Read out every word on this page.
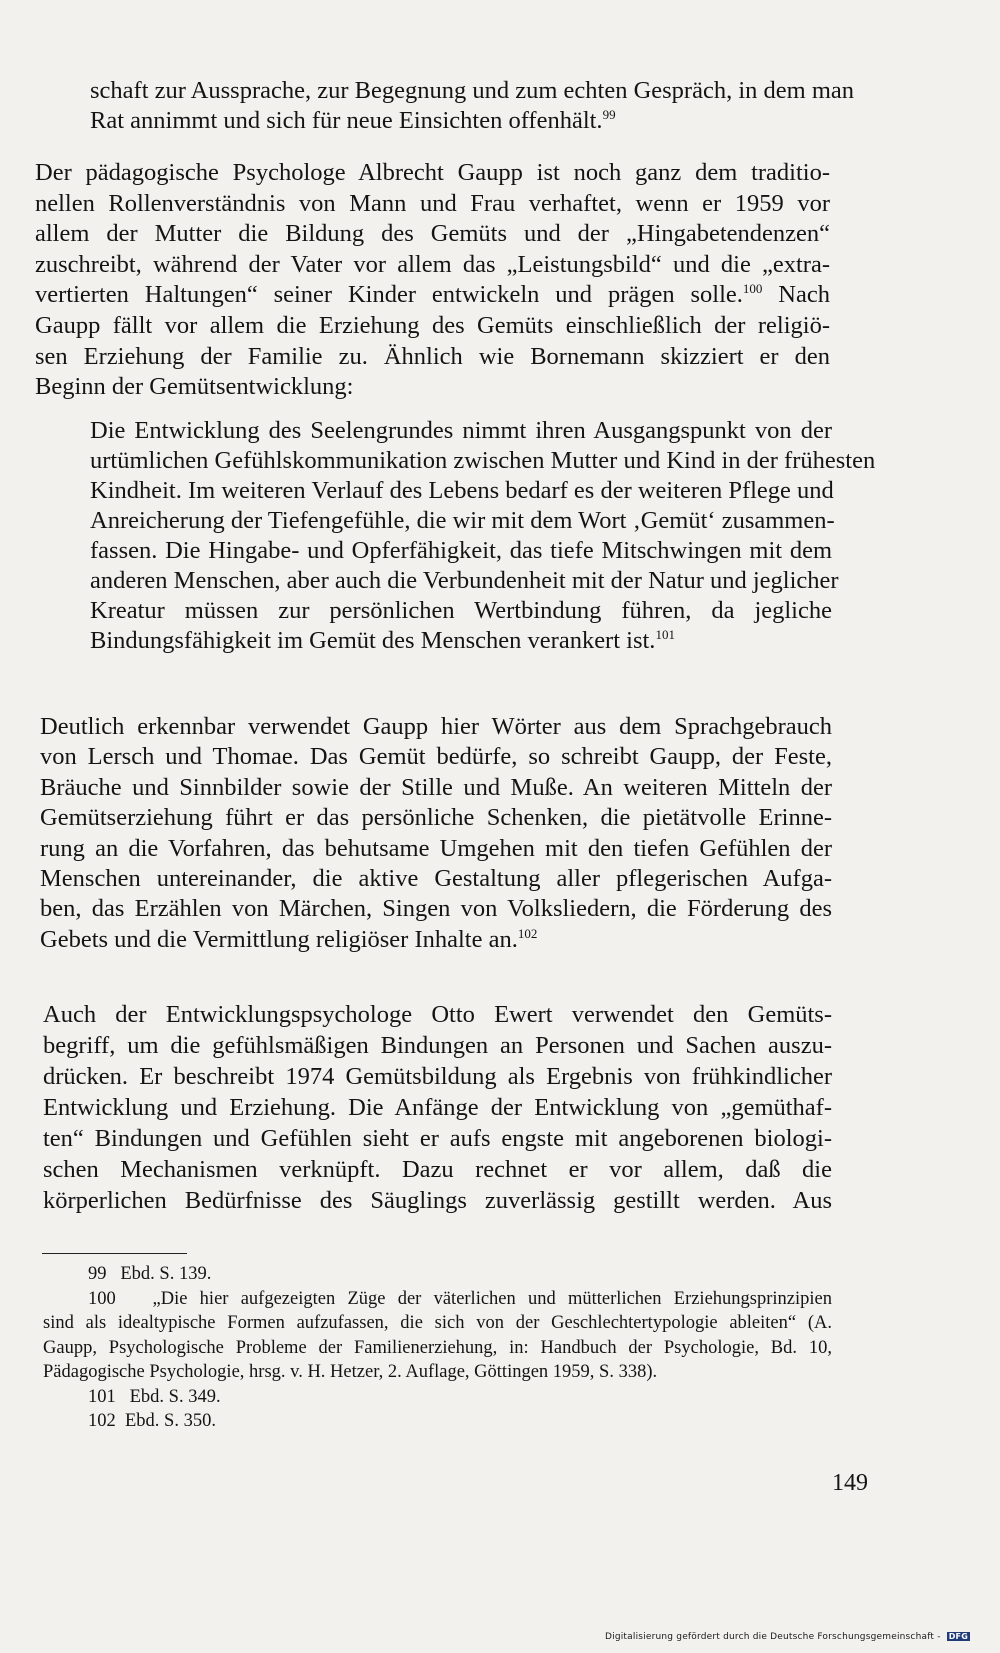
schaft zur Aussprache, zur Begegnung und zum echten Gespräch, in dem man
Rat annimmt und sich für neue Einsichten offenhält.$^{99}$
Der pädagogische Psychologe Albrecht Gaupp ist noch ganz dem traditio-
nellen Rollenverständnis von Mann und Frau verhaftet, wenn er 1959 vor
allem der Mutter die Bildung des Gemüts und der „Hingabetendenzen“
zuschreibt, während der Vater vor allem das „Leistungsbild“ und die „extra-
vertierten Haltungen“ seiner Kinder entwickeln und prägen solle.$^{100}$ Nach
Gaupp fällt vor allem die Erziehung des Gemüts einschließlich der religiö-
sen Erziehung der Familie zu. Ähnlich wie Bornemann skizziert er den
Beginn der Gemütsentwicklung:
Die Entwicklung des Seelengrundes nimmt ihren Ausgangspunkt von der
urtümlichen Gefühlskommunikation zwischen Mutter und Kind in der frühesten
Kindheit. Im weiteren Verlauf des Lebens bedarf es der weiteren Pflege und
Anreicherung der Tiefengefühle, die wir mit dem Wort ‚Gemüt‘ zusammen-
fassen. Die Hingabe- und Opferfähigkeit, das tiefe Mitschwingen mit dem
anderen Menschen, aber auch die Verbundenheit mit der Natur und jeglicher
Kreatur müssen zur persönlichen Wertbindung führen, da jegliche
Bindungsfähigkeit im Gemüt des Menschen verankert ist.$^{101}$
Deutlich erkennbar verwendet Gaupp hier Wörter aus dem Sprachgebrauch
von Lersch und Thomae. Das Gemüt bedürfe, so schreibt Gaupp, der Feste,
Bräuche und Sinnbilder sowie der Stille und Muße. An weiteren Mitteln der
Gemütserziehung führt er das persönliche Schenken, die pietätvolle Erinne-
rung an die Vorfahren, das behutsame Umgehen mit den tiefen Gefühlen der
Menschen untereinander, die aktive Gestaltung aller pflegerischen Aufga-
ben, das Erzählen von Märchen, Singen von Volksliedern, die Förderung des
Gebets und die Vermittlung religiöser Inhalte an.$^{102}$
Auch der Entwicklungspsychologe Otto Ewert verwendet den Gemüts-
begriff, um die gefühlsmäßigen Bindungen an Personen und Sachen auszu-
drücken. Er beschreibt 1974 Gemütsbildung als Ergebnis von frühkindlicher
Entwicklung und Erziehung. Die Anfänge der Entwicklung von „gemüthaf-
ten“ Bindungen und Gefühlen sieht er aufs engste mit angeborenen biologi-
schen Mechanismen verknüpft. Dazu rechnet er vor allem, daß die
körperlichen Bedürfnisse des Säuglings zuverlässig gestillt werden. Aus
99   Ebd. S. 139.
100   „Die hier aufgezeigten Züge der väterlichen und mütterlichen Erziehungsprinzipien
sind als idealtypische Formen aufzufassen, die sich von der Geschlechtertypologie ableiten“ (A.
Gaupp, Psychologische Probleme der Familienerziehung, in: Handbuch der Psychologie, Bd. 10,
Pädagogische Psychologie, hrsg. v. H. Hetzer, 2. Auflage, Göttingen 1959, S. 338).
101   Ebd. S. 349.
102  Ebd. S. 350.
149
Digitalisierung gefördert durch die Deutsche Forschungsgemeinschaft - DFG
